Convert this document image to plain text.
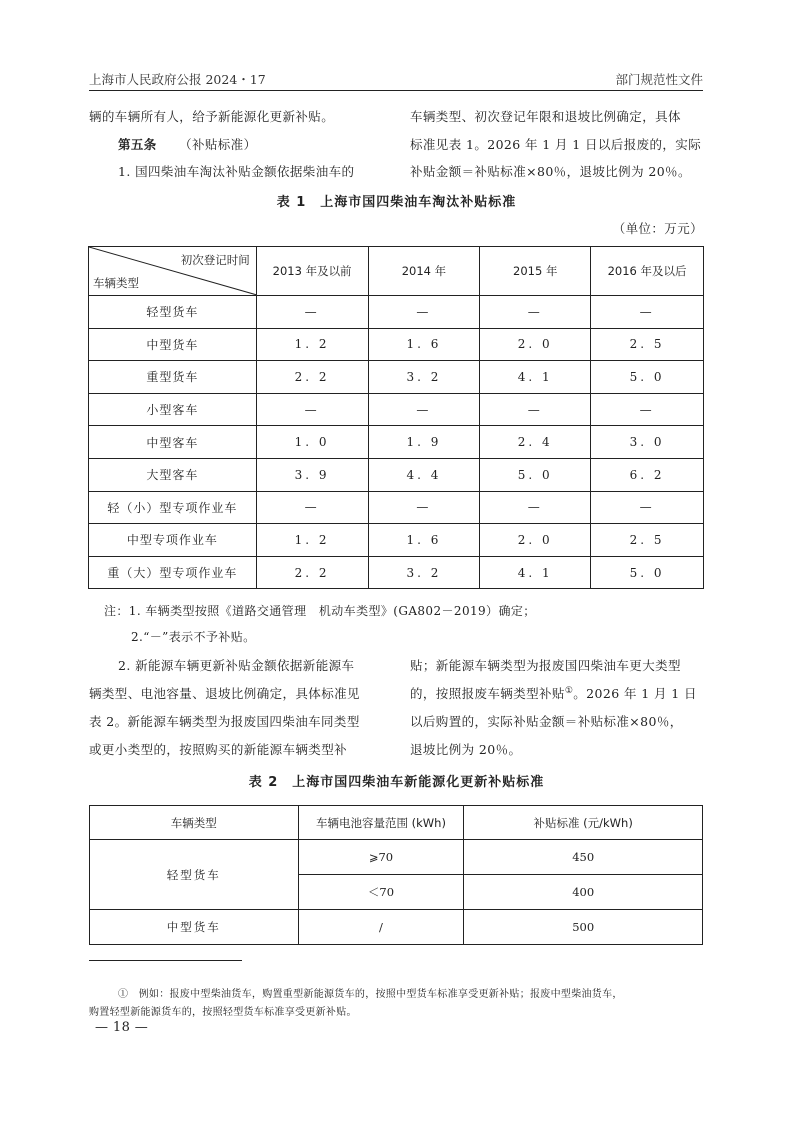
上海市人民政府公报 2024・17	部门规范性文件
辆的车辆所有人，给予新能源化更新补贴。
第五条 （补贴标准）
1. 国四柴油车淘汰补贴金额依据柴油车的
车辆类型、初次登记年限和退坡比例确定，具体
标准见表 1。2026 年 1 月 1 日以后报废的，实际
补贴金额＝补贴标准×80％，退坡比例为 20％。
表 1　上海市国四柴油车淘汰补贴标准
（单位：万元）
初次登记时间
车辆类型	2013 年及以前	2014 年	2015 年	2016 年及以后
轻型货车	—	—	—	—
中型货车	1. 2	1. 6	2. 0	2. 5
重型货车	2. 2	3. 2	4. 1	5. 0
小型客车	—	—	—	—
中型客车	1. 0	1. 9	2. 4	3. 0
大型客车	3. 9	4. 4	5. 0	6. 2
轻（小）型专项作业车	—	—	—	—
中型专项作业车	1. 2	1. 6	2. 0	2. 5
重（大）型专项作业车	2. 2	3. 2	4. 1	5. 0
注：1. 车辆类型按照《道路交通管理　机动车类型》(GA802－2019）确定；
2.“－”表示不予补贴。
2. 新能源车辆更新补贴金额依据新能源车
辆类型、电池容量、退坡比例确定，具体标准见
表 2。新能源车辆类型为报废国四柴油车同类型
或更小类型的，按照购买的新能源车辆类型补
贴；新能源车辆类型为报废国四柴油车更大类型
的，按照报废车辆类型补贴①。2026 年 1 月 1 日
以后购置的，实际补贴金额＝补贴标准×80％，
退坡比例为 20％。
表 2　上海市国四柴油车新能源化更新补贴标准
车辆类型	车辆电池容量范围 (kWh)	补贴标准 (元/kWh)
轻型货车	⩾70	450
	＜70	400
中型货车	/	500
①　例如：报废中型柴油货车，购置重型新能源货车的，按照中型货车标准享受更新补贴；报废中型柴油货车，
购置轻型新能源货车的，按照轻型货车标准享受更新补贴。
— 18 —
